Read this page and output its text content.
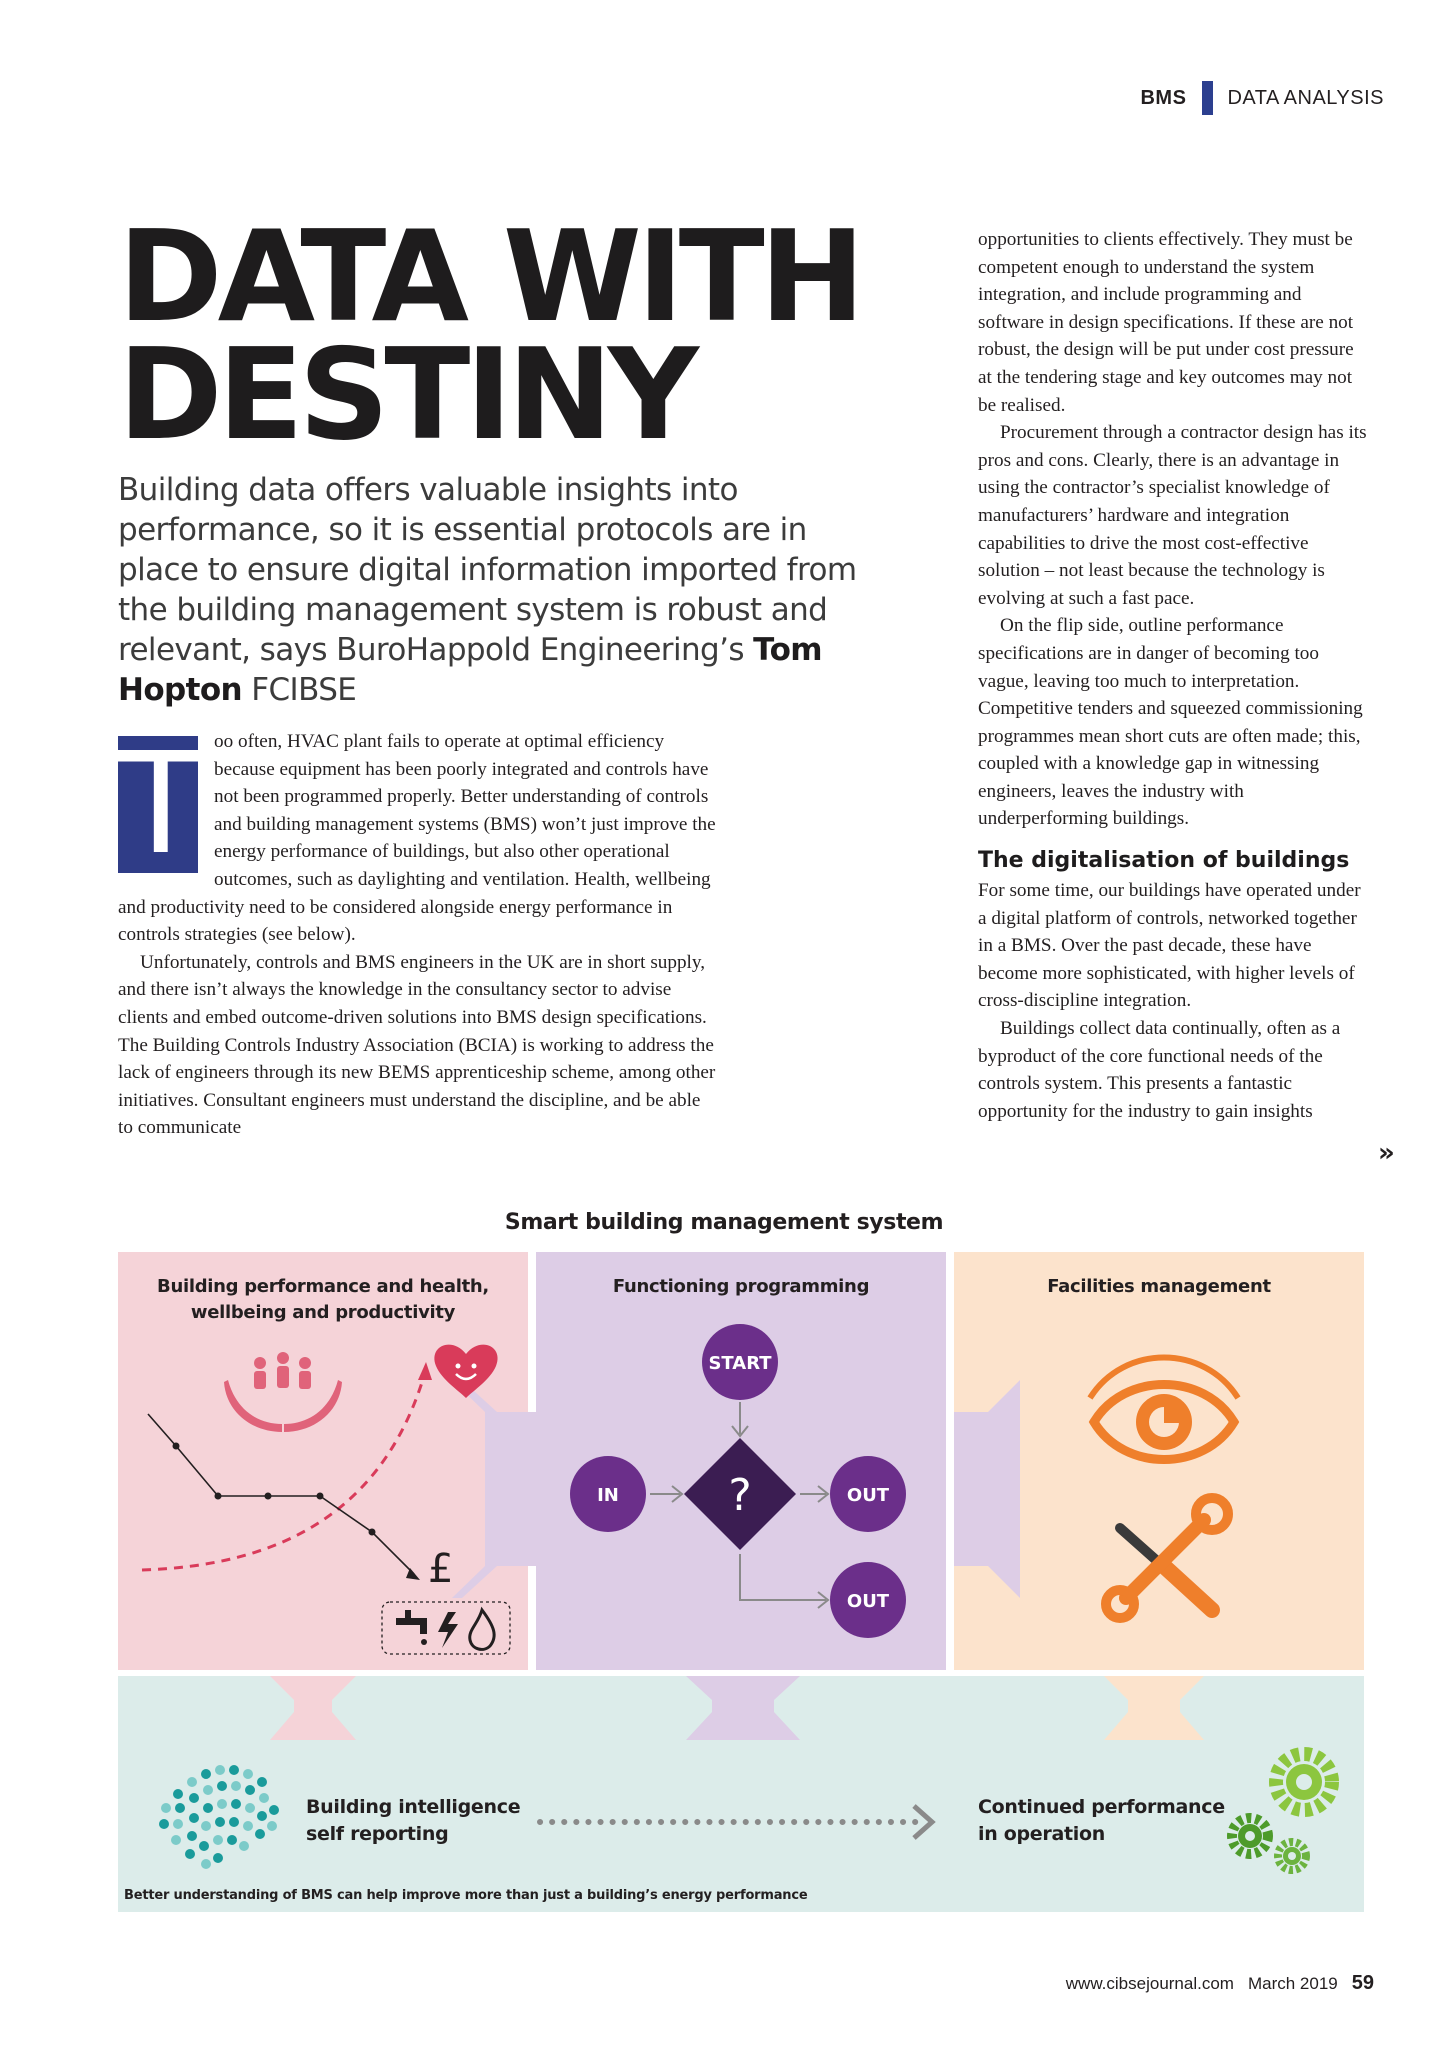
BMS DATA ANALYSIS
DATA WITH
DESTINY

Building data offers valuable insights into performance, so it is essential protocols are in place to ensure digital information imported from the building management system is robust and relevant, says BuroHappold Engineering’s Tom Hopton FCIBSE

T oo often, HVAC plant fails to operate at optimal efficiency because equipment has been poorly integrated and controls have not been programmed properly. Better understanding of controls and building management systems (BMS) won’t just improve the energy performance of buildings, but also other operational outcomes, such as daylighting and ventilation. Health, wellbeing and productivity need to be considered alongside energy performance in controls strategies (see below).

Unfortunately, controls and BMS engineers in the UK are in short supply, and there isn’t always the knowledge in the consultancy sector to advise clients and embed outcome-driven solutions into BMS design specifications. The Building Controls Industry Association (BCIA) is working to address the lack of engineers through its new BEMS apprenticeship scheme, among other initiatives. Consultant engineers must understand the discipline, and be able to communicate

opportunities to clients effectively. They must be competent enough to understand the system integration, and include programming and software in design specifications. If these are not robust, the design will be put under cost pressure at the tendering stage and key outcomes may not be realised.

Procurement through a contractor design has its pros and cons. Clearly, there is an advantage in using the contractor’s specialist knowledge of manufacturers’ hardware and integration capabilities to drive the most cost-effective solution – not least because the technology is evolving at such a fast pace.

On the flip side, outline performance specifications are in danger of becoming too vague, leaving too much to interpretation. Competitive tenders and squeezed commissioning programmes mean short cuts are often made; this, coupled with a knowledge gap in witnessing engineers, leaves the industry with underperforming buildings.

The digitalisation of buildings

For some time, our buildings have operated under a digital platform of controls, networked together in a BMS. Over the past decade, these have become more sophisticated, with higher levels of cross-discipline integration.

Buildings collect data continually, often as a byproduct of the core functional needs of the controls system. This presents a fantastic opportunity for the industry to gain insights

»
Smart building management system
£
START
IN ?	OUT
OUT
Building performance and health,
wellbeing and productivity
Functioning programming	Facilities management
Building intelligence
self reporting
Continued performance
in operation
Better understanding of BMS can help improve more than just a building’s energy performance
www.cibsejournal.com March 2019 59
